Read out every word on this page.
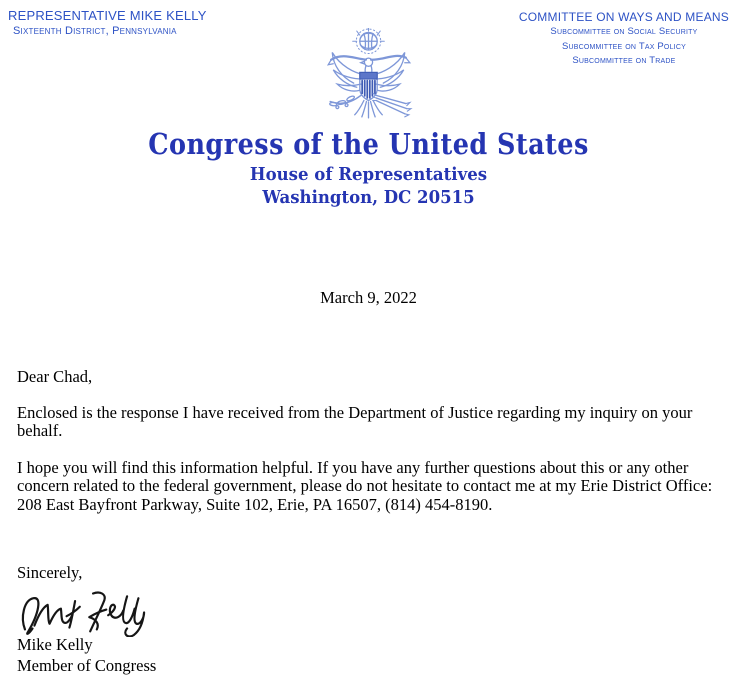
REPRESENTATIVE MIKE KELLY
Sixteenth District, Pennsylvania
COMMITTEE ON WAYS AND MEANS
Subcommittee on Social Security
Subcommittee on Tax Policy
Subcommittee on Trade
Congress of the United States
House of Representatives
Washington, DC 20515
March 9, 2022
Dear Chad,
Enclosed is the response I have received from the Department of Justice regarding my inquiry on your behalf.
I hope you will find this information helpful. If you have any further questions about this or any other concern related to the federal government, please do not hesitate to contact me at my Erie District Office: 208 East Bayfront Parkway, Suite 102, Erie, PA 16507, (814) 454-8190.
Sincerely,
Mike Kelly
Member of Congress
